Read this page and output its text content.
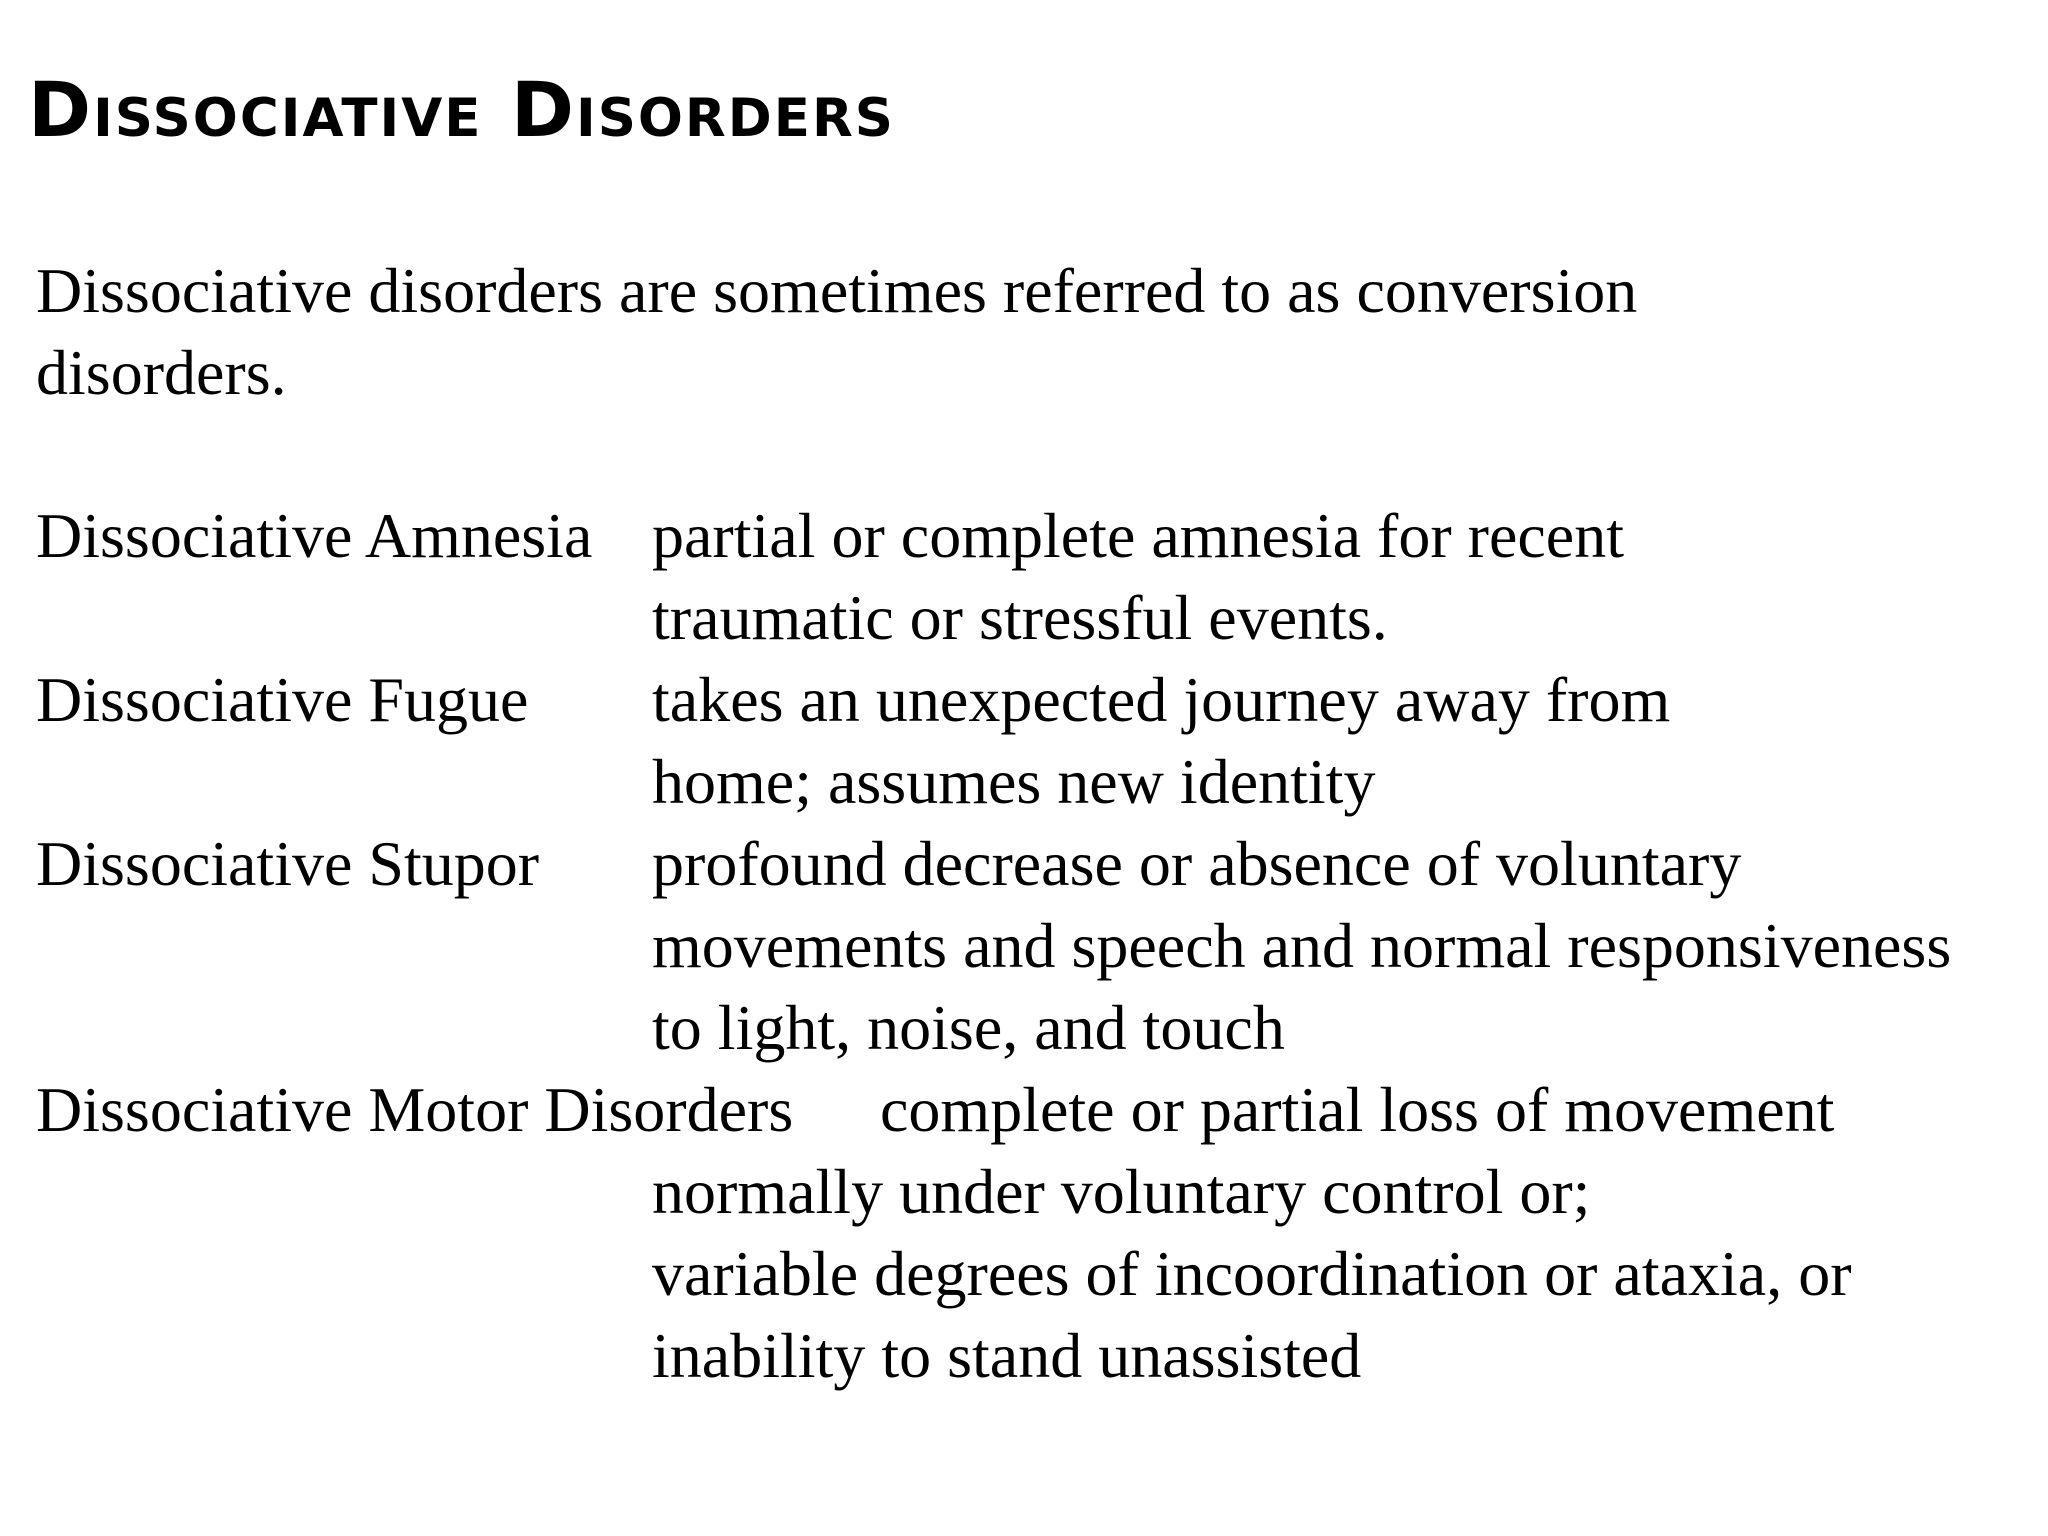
Dissociative Disorders
Dissociative disorders are sometimes referred to as conversion
disorders.
Dissociative Amnesia partial or complete amnesia for recent
traumatic or stressful events.
Dissociative Fugue takes an unexpected journey away from
home; assumes new identity
Dissociative Stupor profound decrease or absence of voluntary
movements and speech and normal responsiveness
to light, noise, and touch
Dissociative Motor Disorders complete or partial loss of movement
normally under voluntary control or;
variable degrees of incoordination or ataxia, or
inability to stand unassisted
